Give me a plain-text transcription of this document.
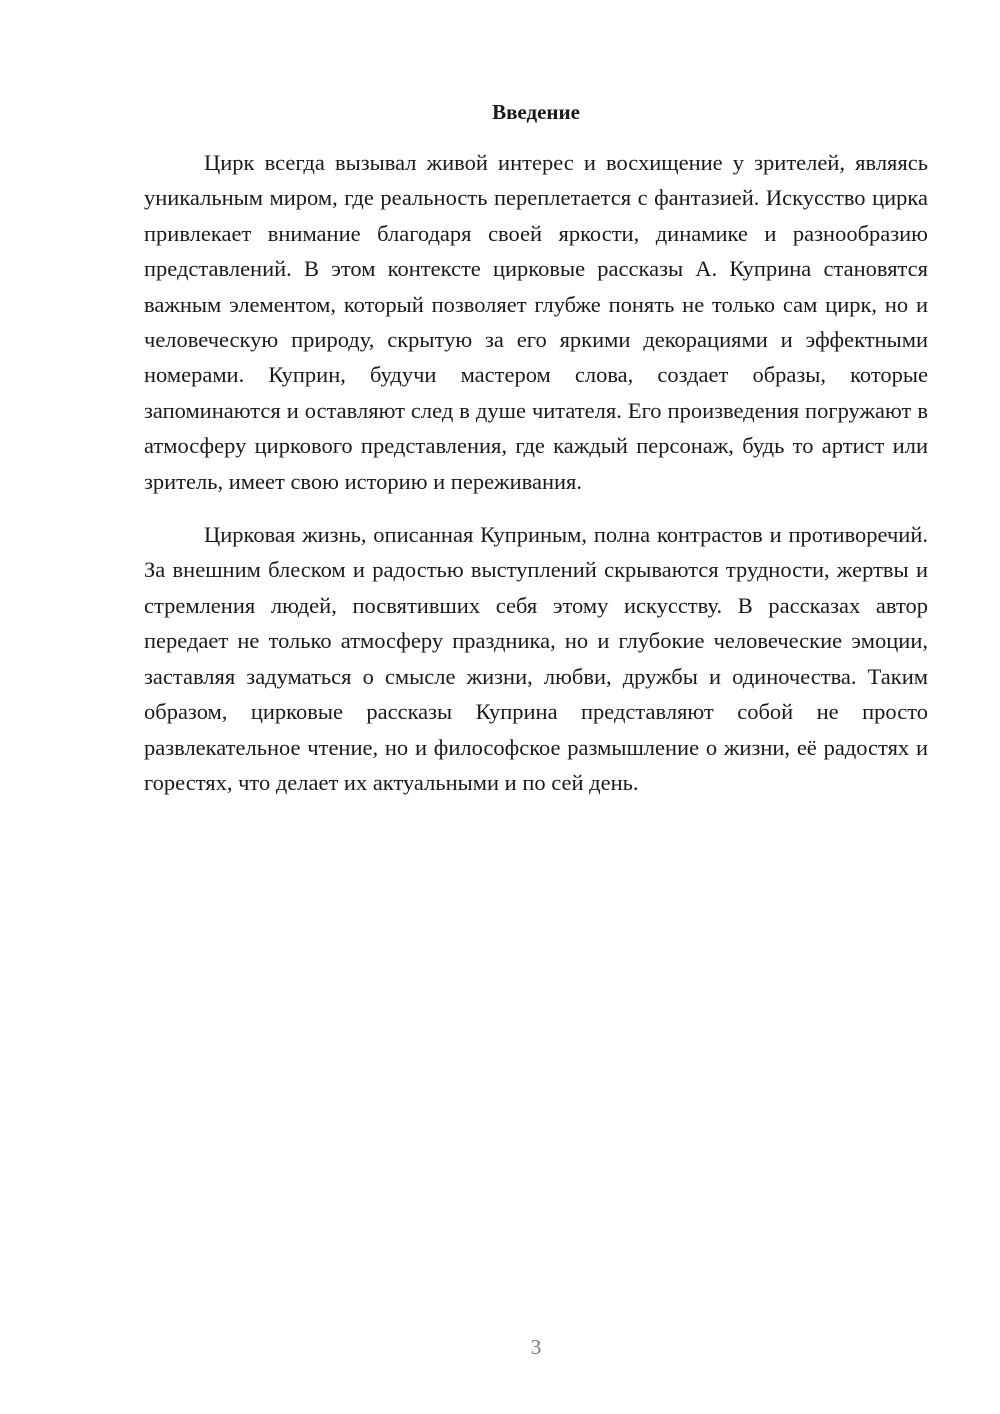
Введение

Цирк всегда вызывал живой интерес и восхищение у зрителей, являясь уникальным миром, где реальность переплетается с фантазией. Искусство цирка привлекает внимание благодаря своей яркости, динамике и разнообразию представлений. В этом контексте цирковые рассказы А. Куприна становятся важным элементом, который позволяет глубже понять не только сам цирк, но и человеческую природу, скрытую за его яркими декорациями и эффектными номерами. Куприн, будучи мастером слова, создает образы, которые запоминаются и оставляют след в душе читателя. Его произведения погружают в атмосферу циркового представления, где каждый персонаж, будь то артист или зритель, имеет свою историю и переживания.

Цирковая жизнь, описанная Куприным, полна контрастов и противоречий. За внешним блеском и радостью выступлений скрываются трудности, жертвы и стремления людей, посвятивших себя этому искусству. В рассказах автор передает не только атмосферу праздника, но и глубокие человеческие эмоции, заставляя задуматься о смысле жизни, любви, дружбы и одиночества. Таким образом, цирковые рассказы Куприна представляют собой не просто развлекательное чтение, но и философское размышление о жизни, её радостях и горестях, что делает их актуальными и по сей день.

3
